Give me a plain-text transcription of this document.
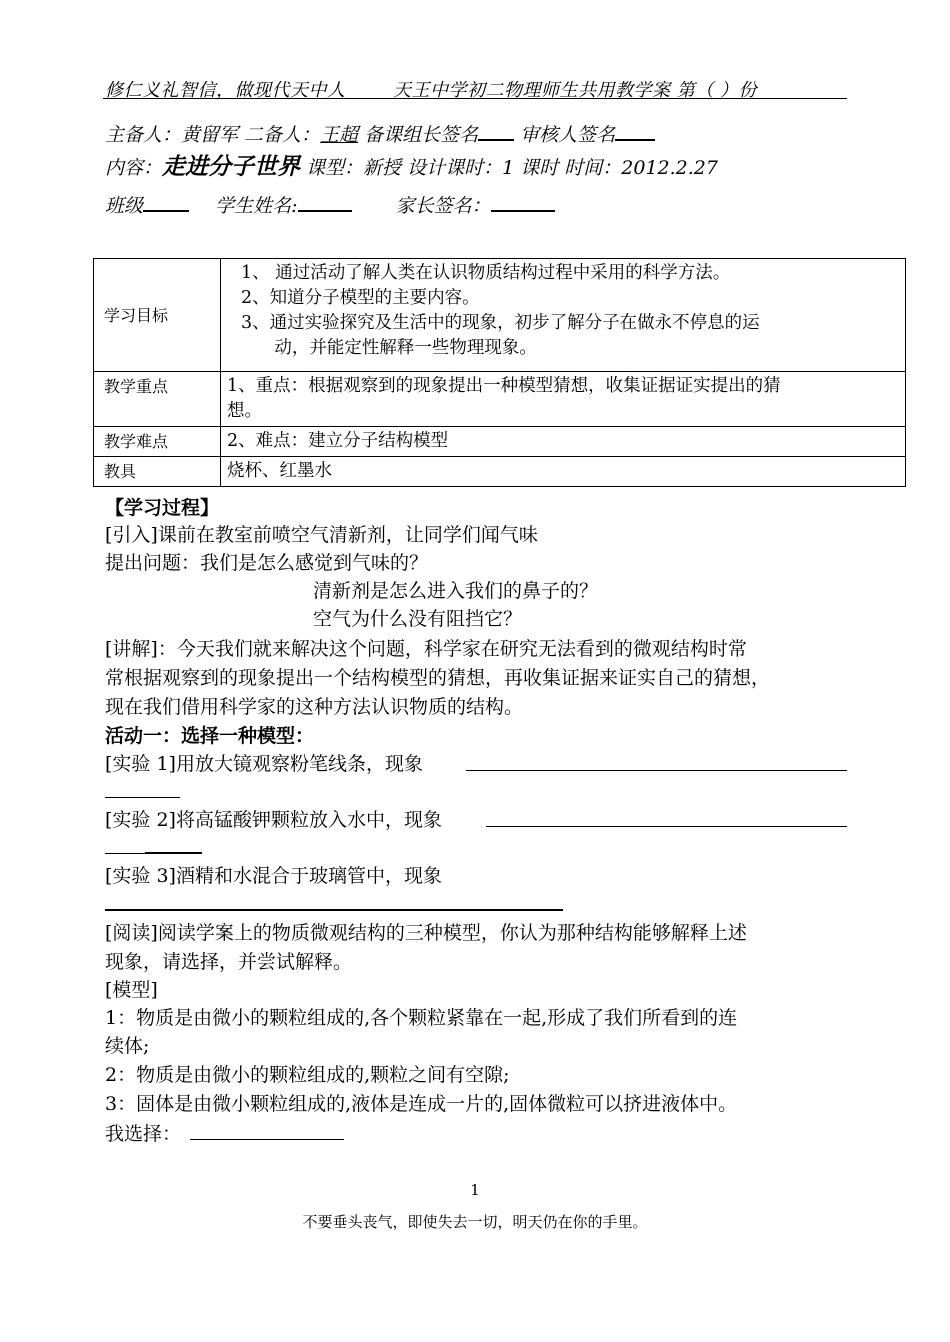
修仁义礼智信，做现代天中人	天王中学初二物理师生共用教学案 第（ ）份
主备人：黄留军 二备人：王超 备课组长签名 审核人签名
内容：走进分子世界 课型：新授 设计课时：1 课时 时间：2012.2.27
班级	学生姓名:	家长签名：
学习目标	1、 通过活动了解人类在认识物质结构过程中采用的科学方法。
2、知道分子模型的主要内容。
3、通过实验探究及生活中的现象，初步了解分子在做永不停息的运
动，并能定性解释一些物理现象。

教学重点	1、重点：根据观察到的现象提出一种模型猜想，收集证据证实提出的猜
想。

教学难点	2、难点：建立分子结构模型

教具	烧杯、红墨水
【学习过程】
[引入]课前在教室前喷空气清新剂，让同学们闻气味
提出问题：我们是怎么感觉到气味的？
清新剂是怎么进入我们的鼻子的？
空气为什么没有阻挡它？
[讲解]：今天我们就来解决这个问题，科学家在研究无法看到的微观结构时常
常根据观察到的现象提出一个结构模型的猜想，再收集证据来证实自己的猜想，
现在我们借用科学家的这种方法认识物质的结构。
活动一：选择一种模型：
[实验 1]用放大镜观察粉笔线条，现象
[实验 2]将高锰酸钾颗粒放入水中，现象
[实验 3]酒精和水混合于玻璃管中，现象
[阅读]阅读学案上的物质微观结构的三种模型，你认为那种结构能够解释上述
现象，请选择，并尝试解释。
[模型]
1：物质是由微小的颗粒组成的,各个颗粒紧靠在一起,形成了我们所看到的连
续体;
2：物质是由微小的颗粒组成的,颗粒之间有空隙;
3：固体是由微小颗粒组成的,液体是连成一片的,固体微粒可以挤进液体中。
我选择：
1
不要垂头丧气，即使失去一切，明天仍在你的手里。
